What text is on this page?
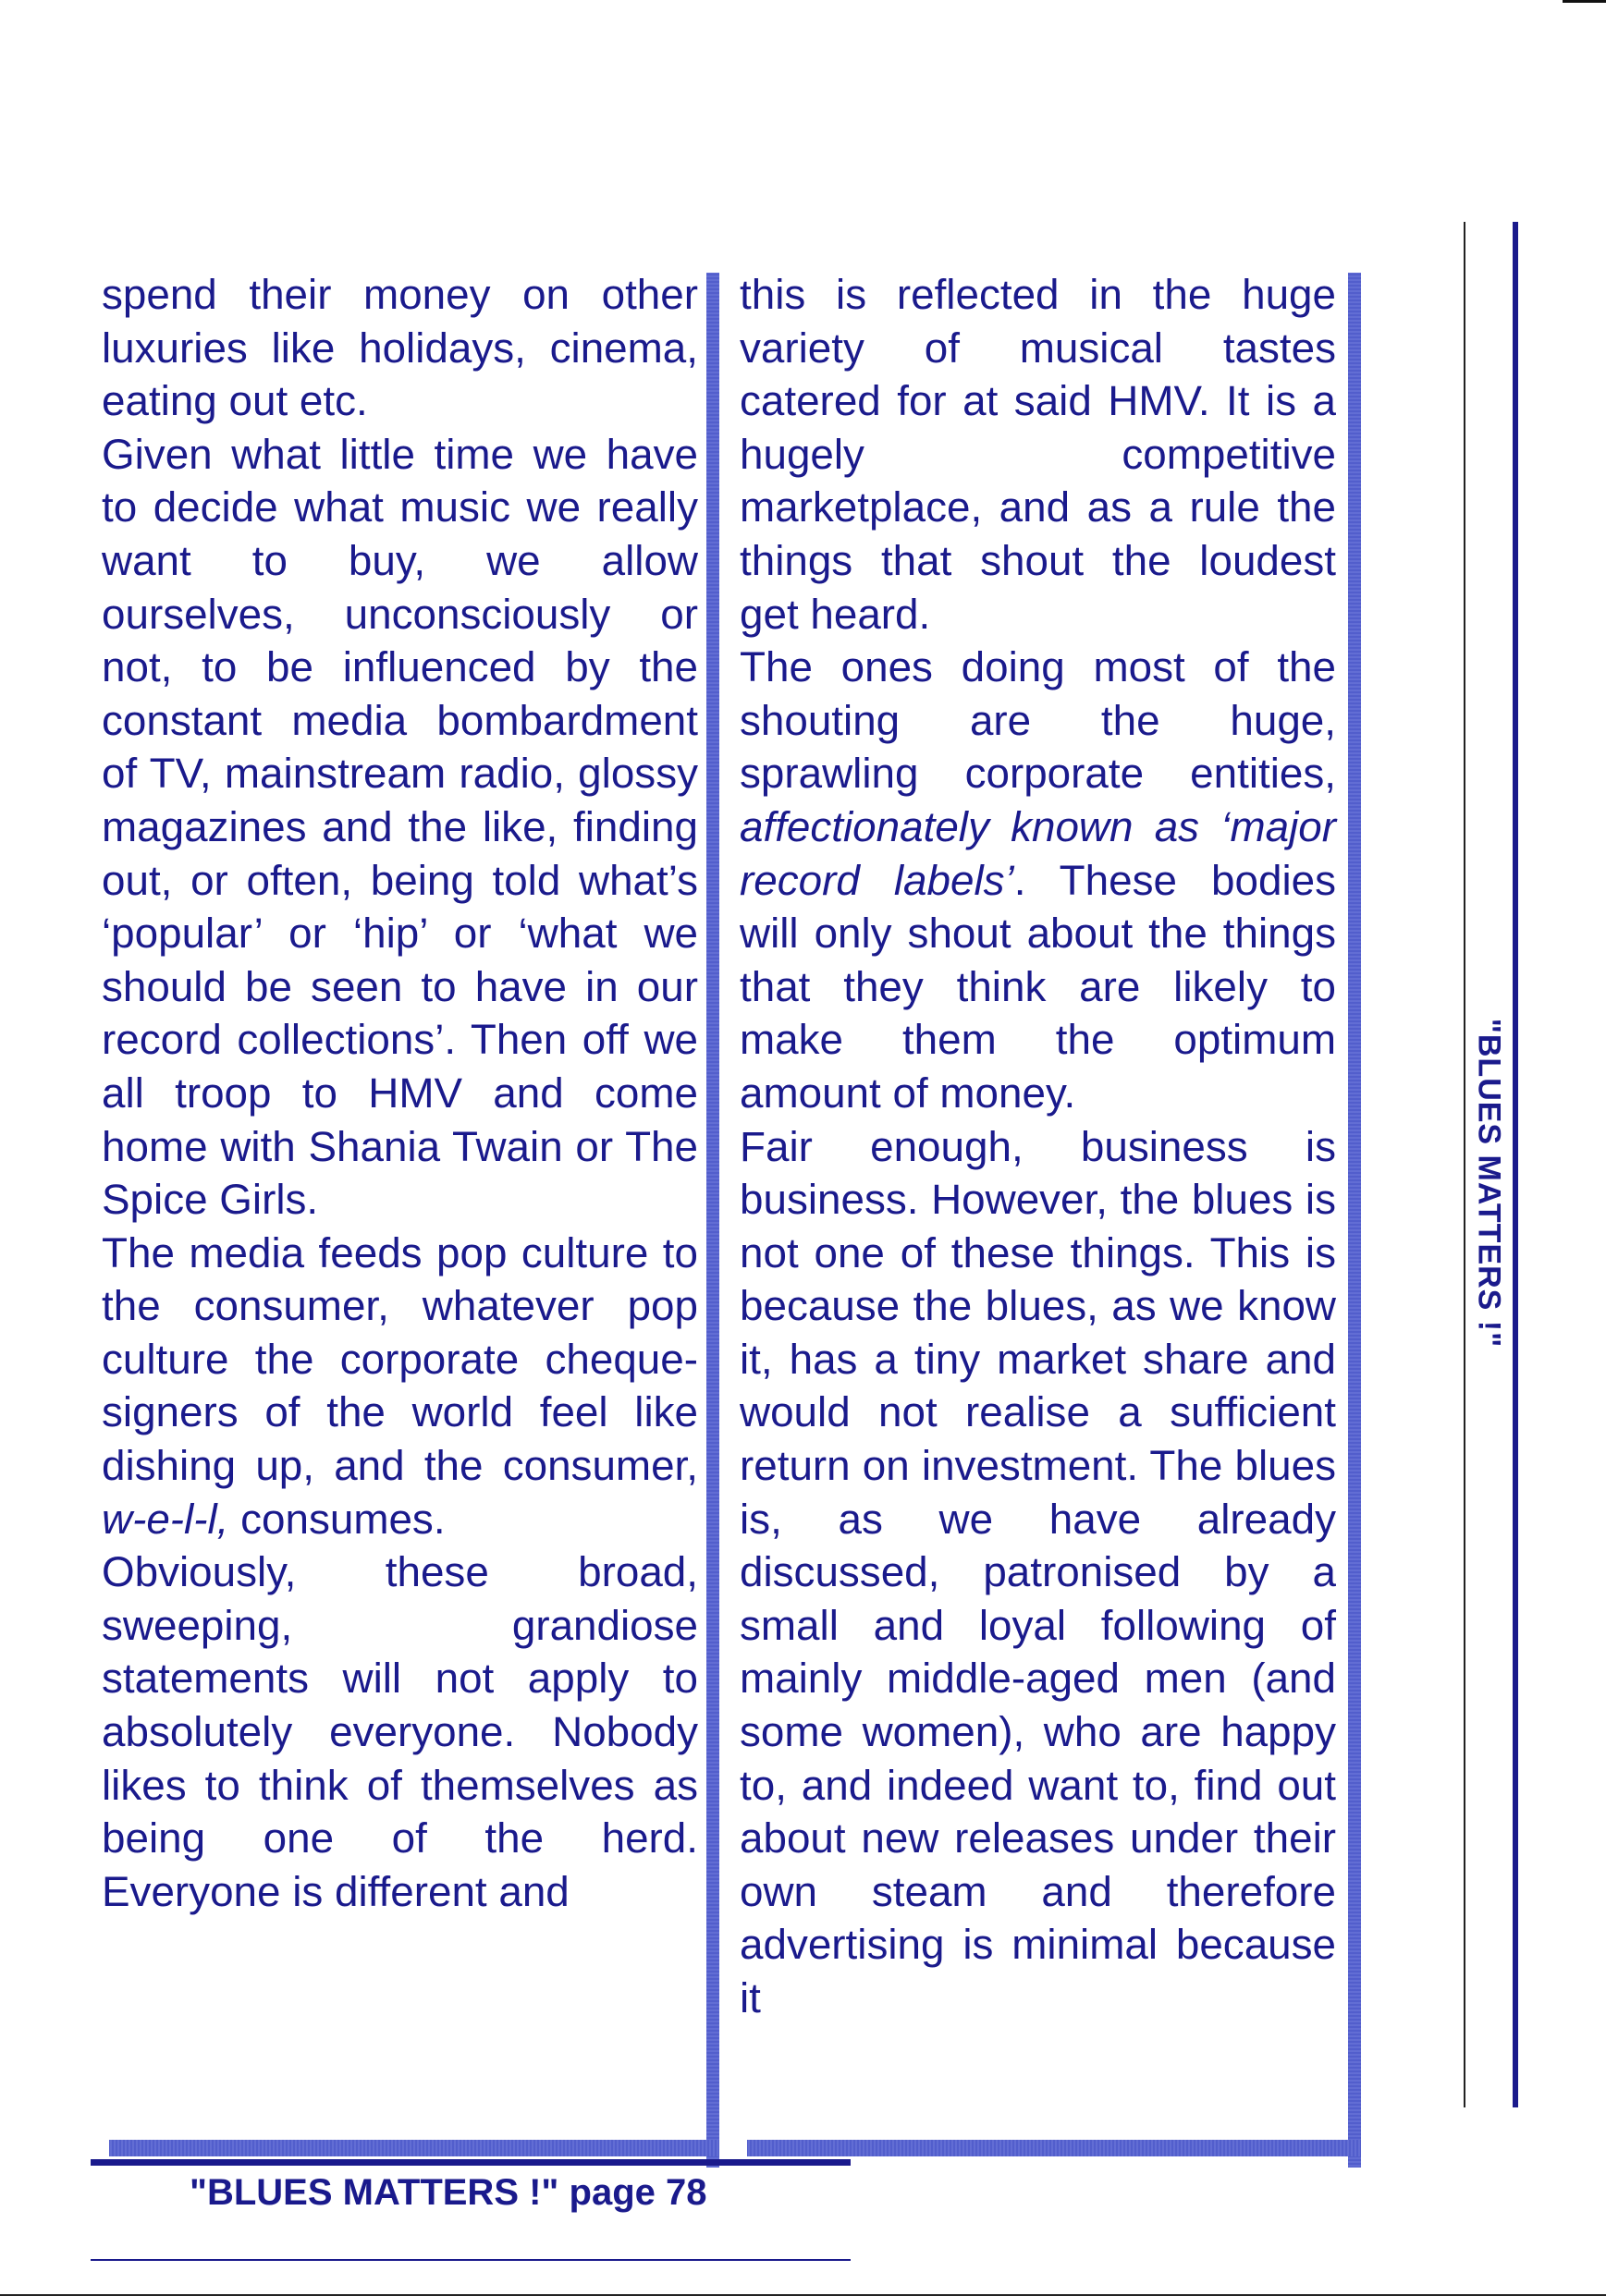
spend their money on other luxuries like holidays, cinema, eating out etc.

Given what little time we have to decide what music we really want to buy, we allow ourselves, unconsciously or not, to be influenced by the constant media bombardment of TV, mainstream radio, glossy magazines and the like, finding out, or often, being told what’s ‘popular’ or ‘hip’ or ‘what we should be seen to have in our record collections’. Then off we all troop to HMV and come home with Shania Twain or The Spice Girls.

The media feeds pop culture to the consumer, whatever pop culture the corporate cheque-signers of the world feel like dishing up, and the consumer, w-e-l-l, consumes.

Obviously, these broad, sweeping, grandiose statements will not apply to absolutely everyone. Nobody likes to think of themselves as being one of the herd. Everyone is different and

this is reflected in the huge variety of musical tastes catered for at said HMV. It is a hugely competitive marketplace, and as a rule the things that shout the loudest get heard.

The ones doing most of the shouting are the huge, sprawling corporate entities, affectionately known as ‘major record labels’. These bodies will only shout about the things that they think are likely to make them the optimum amount of money.

Fair enough, business is business. However, the blues is not one of these things. This is because the blues, as we know it, has a tiny market share and would not realise a sufficient return on investment. The blues is, as we have already discussed, patronised by a small and loyal following of mainly middle-aged men (and some women), who are happy to, and indeed want to, find out about new releases under their own steam and therefore advertising is minimal because it

"BLUES MATTERS !" page 78
"BLUES MATTERS !"
